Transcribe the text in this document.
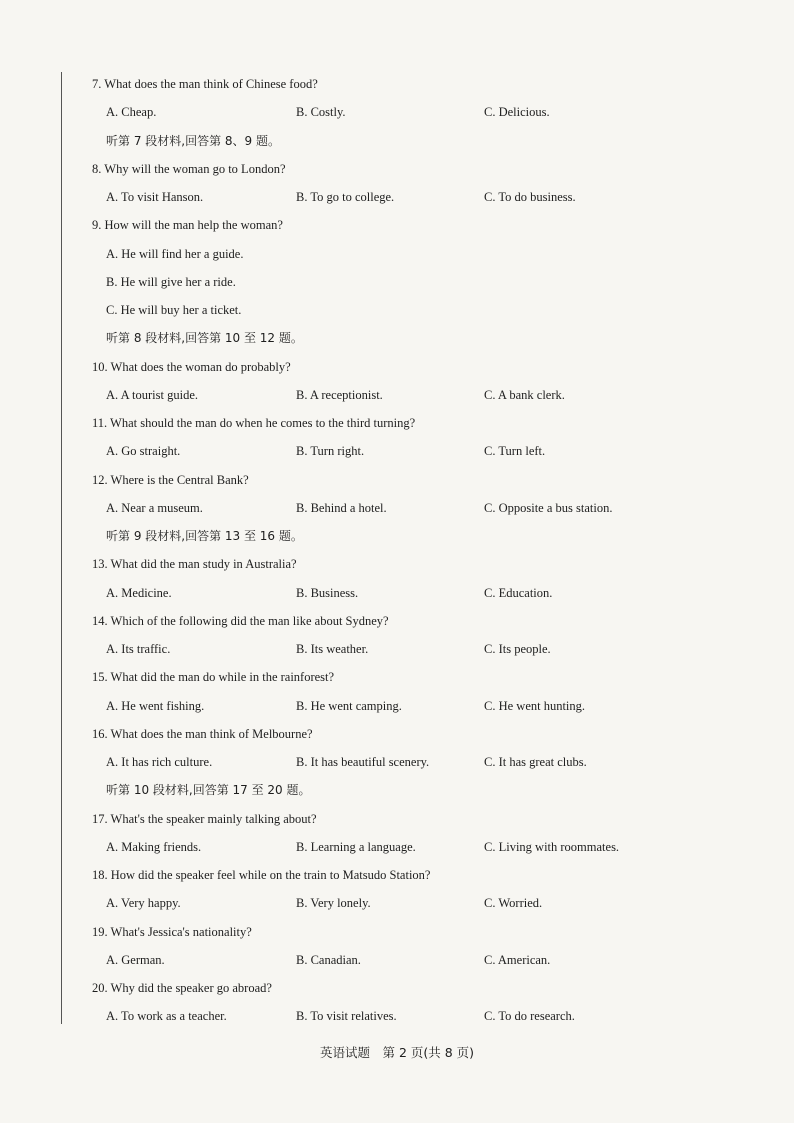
7. What does the man think of Chinese food?
A. Cheap.	B. Costly.	C. Delicious.
听第 7 段材料,回答第 8、9 题。
8. Why will the woman go to London?
A. To visit Hanson.	B. To go to college.	C. To do business.
9. How will the man help the woman?
A. He will find her a guide.
B. He will give her a ride.
C. He will buy her a ticket.
听第 8 段材料,回答第 10 至 12 题。
10. What does the woman do probably?
A. A tourist guide.	B. A receptionist.	C. A bank clerk.
11. What should the man do when he comes to the third turning?
A. Go straight.	B. Turn right.	C. Turn left.
12. Where is the Central Bank?
A. Near a museum.	B. Behind a hotel.	C. Opposite a bus station.
听第 9 段材料,回答第 13 至 16 题。
13. What did the man study in Australia?
A. Medicine.	B. Business.	C. Education.
14. Which of the following did the man like about Sydney?
A. Its traffic.	B. Its weather.	C. Its people.
15. What did the man do while in the rainforest?
A. He went fishing.	B. He went camping.	C. He went hunting.
16. What does the man think of Melbourne?
A. It has rich culture.	B. It has beautiful scenery.	C. It has great clubs.
听第 10 段材料,回答第 17 至 20 题。
17. What's the speaker mainly talking about?
A. Making friends.	B. Learning a language.	C. Living with roommates.
18. How did the speaker feel while on the train to Matsudo Station?
A. Very happy.	B. Very lonely.	C. Worried.
19. What's Jessica's nationality?
A. German.	B. Canadian.	C. American.
20. Why did the speaker go abroad?
A. To work as a teacher.	B. To visit relatives.	C. To do research.
英语试题　第 2 页(共 8 页)
